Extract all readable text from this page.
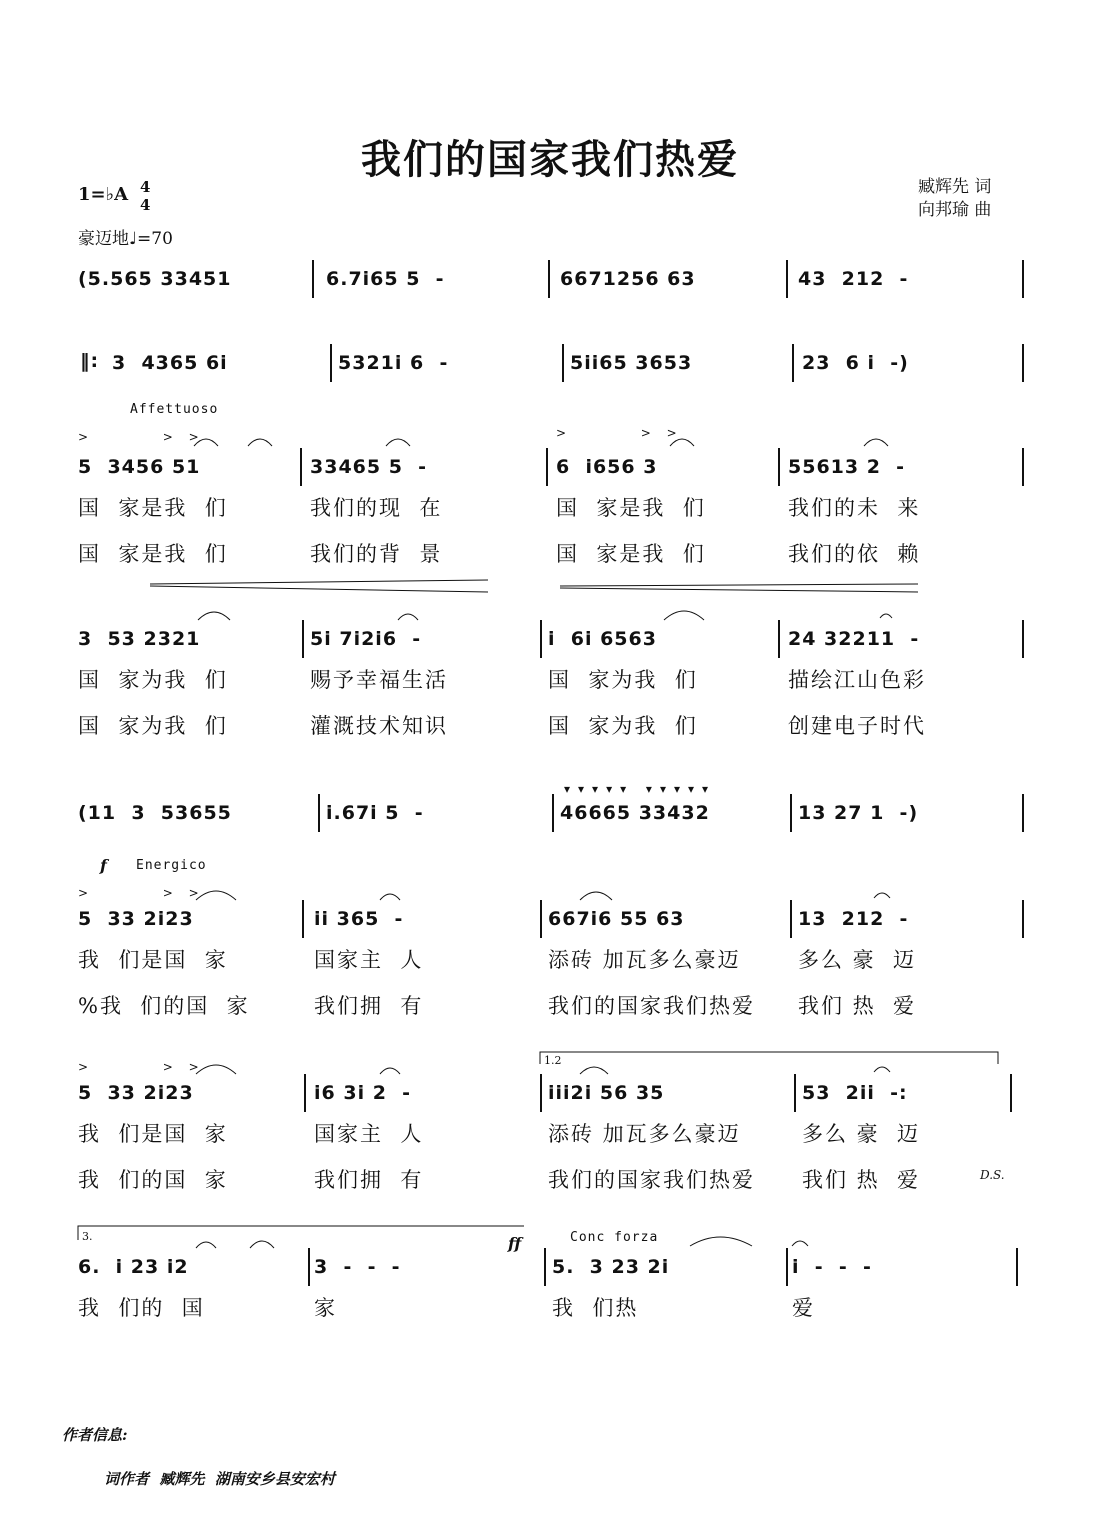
我们的国家我们热爱
臧辉先 词
向邦瑜 曲
1=♭A 4
4
豪迈地♩=70
Affettuoso
f Energico
ff	Conc forza
D.S.
1.2
3.
>       > >	>       > >
>       > >
>       > >
▾▾▾▾▾ ▾▾▾▾▾
(5.565 33451	6.7i65 5  -	6671256 63	43  212  -
3  4365 6i	5321i 6  -	5ii65 3653	23  6 i  -)
5  3456 51	33465 5  -	6  i656 3	55613 2  -
国  家是我  们	我们的现  在	国  家是我  们	我们的未  来
国  家是我  们	我们的背  景	国  家是我  们	我们的依  赖
3  53 2321	5i 7i2i6  -	i  6i 6563	24 32211  -
国  家为我  们	赐予幸福生活	国  家为我  们	描绘江山色彩
国  家为我  们	灌溉技术知识	国  家为我  们	创建电子时代
(11  3  53655	i.67i 5  -	46665 33432	13 27 1  -)
5  33 2i23	ii 365  -	667i6 55 63	13  212  -
我  们是国  家	国家主  人	添砖 加瓦多么豪迈	多么 豪  迈
%我  们的国  家	我们拥  有	我们的国家我们热爱 我们 热  爱
5  33 2i23	i6 3i 2  -	iii2i 56 35	53  2ii  -:
我  们是国  家	国家主  人	添砖 加瓦多么豪迈	多么 豪  迈
我  们的国  家	我们拥  有	我们的国家我们热爱 我们 热  爱
6.  i 23 i2	3  -  -  -	5.  3 23 2i	i  -  -  -
我  们的  国	家	我  们热	爱
‖:
作者信息:
词作者  臧辉先  湖南安乡县安宏村
